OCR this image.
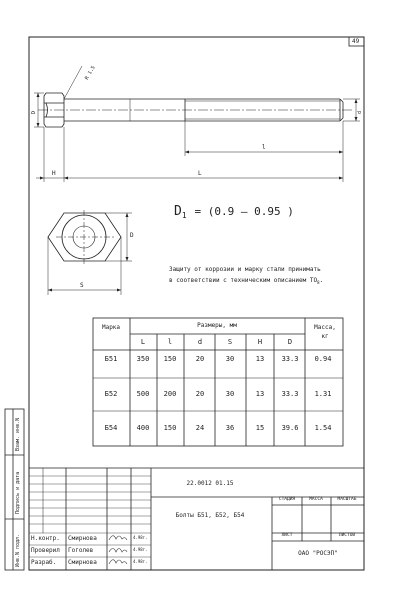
49
R 1.5
d
D
l
H	L
D
S
$D_1 = (0.9 - 0.95$ )
Защиту от коррозии и марку стали принимать
в соответствии с техническим описанием $ТО_8$.
Марка	Размеры, мм	Масса, кг
L	l	d	S	H	D
Б51	350 150	20	30	13 33.3 0.94
Б52	500 200	20	30	13 33.3 1.31
Б54	400 150	24	36	15 39.6 1.54
Взам. инв.N
Подпись и дата
Инв.N подл.
22.0012 01.15
Болты Б51, Б52, Б54
СТАДИЯ	МАССА	МАСШТАБ
ЛИСТ	ЛИСТОВ
ОАО "РОСЭП"
Н.контр. Смирнова	4.98г.
Проверил Гоголев	4.98г.
Разраб. Смирнова	4.98г.
